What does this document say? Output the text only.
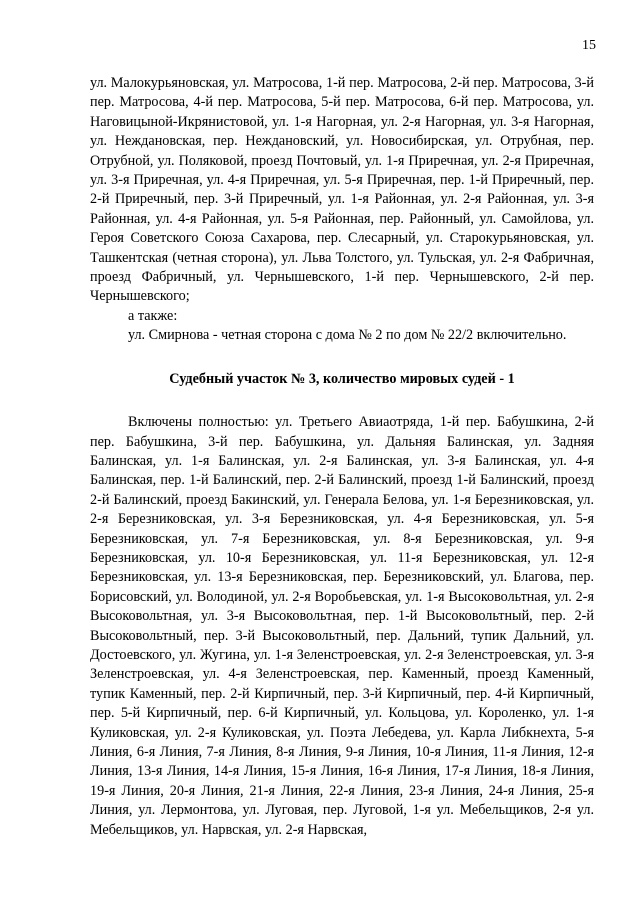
15

ул. Малокурьяновская, ул. Матросова, 1-й пер. Матросова, 2-й пер. Матросова, 3-й пер. Матросова, 4-й пер. Матросова, 5-й пер. Матросова, 6-й пер. Матросова, ул. Наговицыной-Икрянистовой, ул. 1-я Нагорная, ул. 2-я Нагорная, ул. 3-я Нагорная, ул. Неждановская, пер. Неждановский, ул. Новосибирская, ул. Отрубная, пер. Отрубной, ул. Поляковой, проезд Почтовый, ул. 1-я Приречная, ул. 2-я Приречная, ул. 3-я Приречная, ул. 4-я Приречная, ул. 5-я Приречная, пер. 1-й Приречный, пер. 2-й Приречный, пер. 3-й Приречный, ул. 1-я Районная, ул. 2-я Районная, ул. 3-я Районная, ул. 4-я Районная, ул. 5-я Районная, пер. Районный, ул. Самойлова, ул. Героя Советского Союза Сахарова, пер. Слесарный, ул. Старокурьяновская, ул. Ташкентская (четная сторона), ул. Льва Толстого, ул. Тульская, ул. 2-я Фабричная, проезд Фабричный, ул. Чернышевского, 1-й пер. Чернышевского, 2-й пер. Чернышевского;

а также:

ул. Смирнова - четная сторона с дома № 2 по дом № 22/2 включительно.

Судебный участок № 3, количество мировых судей - 1

Включены полностью: ул. Третьего Авиаотряда, 1-й пер. Бабушкина, 2-й пер. Бабушкина, 3-й пер. Бабушкина, ул. Дальняя Балинская, ул. Задняя Балинская, ул. 1-я Балинская, ул. 2-я Балинская, ул. 3-я Балинская, ул. 4-я Балинская, пер. 1-й Балинский, пер. 2-й Балинский, проезд 1-й Балинский, проезд 2-й Балинский, проезд Бакинский, ул. Генерала Белова, ул. 1-я Березниковская, ул. 2-я Березниковская, ул. 3-я Березниковская, ул. 4-я Березниковская, ул. 5-я Березниковская, ул. 7-я Березниковская, ул. 8-я Березниковская, ул. 9-я Березниковская, ул. 10-я Березниковская, ул. 11-я Березниковская, ул. 12-я Березниковская, ул. 13-я Березниковская, пер. Березниковский, ул. Благова, пер. Борисовский, ул. Володиной, ул. 2-я Воробьевская, ул. 1-я Высоковольтная, ул. 2-я Высоковольтная, ул. 3-я Высоковольтная, пер. 1-й Высоковольтный, пер. 2-й Высоковольтный, пер. 3-й Высоковольтный, пер. Дальний, тупик Дальний, ул. Достоевского, ул. Жугина, ул. 1-я Зеленстроевская, ул. 2-я Зеленстроевская, ул. 3-я Зеленстроевская, ул. 4-я Зеленстроевская, пер. Каменный, проезд Каменный, тупик Каменный, пер. 2-й Кирпичный, пер. 3-й Кирпичный, пер. 4-й Кирпичный, пер. 5-й Кирпичный, пер. 6-й Кирпичный, ул. Кольцова, ул. Короленко, ул. 1-я Куликовская, ул. 2-я Куликовская, ул. Поэта Лебедева, ул. Карла Либкнехта, 5-я Линия, 6-я Линия, 7-я Линия, 8-я Линия, 9-я Линия, 10-я Линия, 11-я Линия, 12-я Линия, 13-я Линия, 14-я Линия, 15-я Линия, 16-я Линия, 17-я Линия, 18-я Линия, 19-я Линия, 20-я Линия, 21-я Линия, 22-я Линия, 23-я Линия, 24-я Линия, 25-я Линия, ул. Лермонтова, ул. Луговая, пер. Луговой, 1-я ул. Мебельщиков, 2-я ул. Мебельщиков, ул. Нарвская, ул. 2-я Нарвская,
